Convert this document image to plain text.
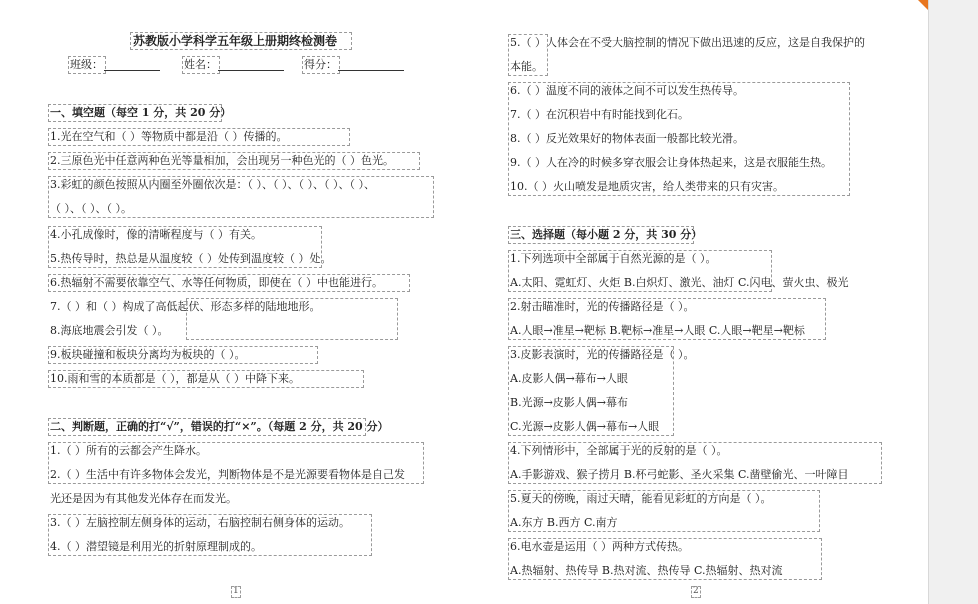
苏教版小学科学五年级上册期终检测卷
班级：	姓名：	得分：
一、填空题（每空 1 分，共 20 分）
1.光在空气和（ ）等物质中都是沿（ ）传播的。
2.三原色光中任意两种色光等量相加，会出现另一种色光的（ ）色光。
3.彩虹的颜色按照从内圈至外圈依次是：（ ）、（ ）、（ ）、（ ）、（ ）、
（ ）、（ ）、（ ）。
4.小孔成像时，像的清晰程度与（ ）有关。
5.热传导时，热总是从温度较（ ）处传到温度较（ ）处。
6.热辐射不需要依靠空气、水等任何物质，即使在（ ）中也能进行。
7.（ ）和（ ）构成了高低起伏、形态多样的陆地地形。
8.海底地震会引发（ ）。
9.板块碰撞和板块分离均为板块的（ ）。
10.雨和雪的本质都是（ ），都是从（ ）中降下来。
二、判断题，正确的打“√”，错误的打“×”。（每题 2 分，共 20 分）
1.（ ）所有的云都会产生降水。
2.（ ）生活中有许多物体会发光，判断物体是不是光源要看物体是自己发
光还是因为有其他发光体存在而发光。
3.（ ）左脑控制左侧身体的运动，右脑控制右侧身体的运动。
4.（ ）潜望镜是利用光的折射原理制成的。
1
5.（ ）人体会在不受大脑控制的情况下做出迅速的反应，这是自我保护的
本能。
6.（ ）温度不同的液体之间不可以发生热传导。
7.（ ）在沉积岩中有时能找到化石。
8.（ ）反光效果好的物体表面一般都比较光滑。
9.（ ）人在冷的时候多穿衣服会让身体热起来，这是衣服能生热。
10.（ ）火山喷发是地质灾害，给人类带来的只有灾害。
三、选择题（每小题 2 分，共 30 分）
1.下列选项中全部属于自然光源的是（ ）。
A.太阳、霓虹灯、火炬 B.白炽灯、激光、油灯 C.闪电、萤火虫、极光
2.射击瞄准时，光的传播路径是（ ）。
A.人眼→准星→靶标 B.靶标→准星→人眼 C.人眼→靶星→靶标
3.皮影表演时，光的传播路径是（ ）。
A.皮影人偶→幕布→人眼
B.光源→皮影人偶→幕布
C.光源→皮影人偶→幕布→人眼
4.下列情形中，全部属于光的反射的是（ ）。
A.手影游戏、猴子捞月 B.杯弓蛇影、圣火采集 C.凿壁偷光、一叶障目
5.夏天的傍晚，雨过天晴，能看见彩虹的方向是（ ）。
A.东方 B.西方 C.南方
6.电水壶是运用（ ）两种方式传热。
A.热辐射、热传导 B.热对流、热传导 C.热辐射、热对流
2
